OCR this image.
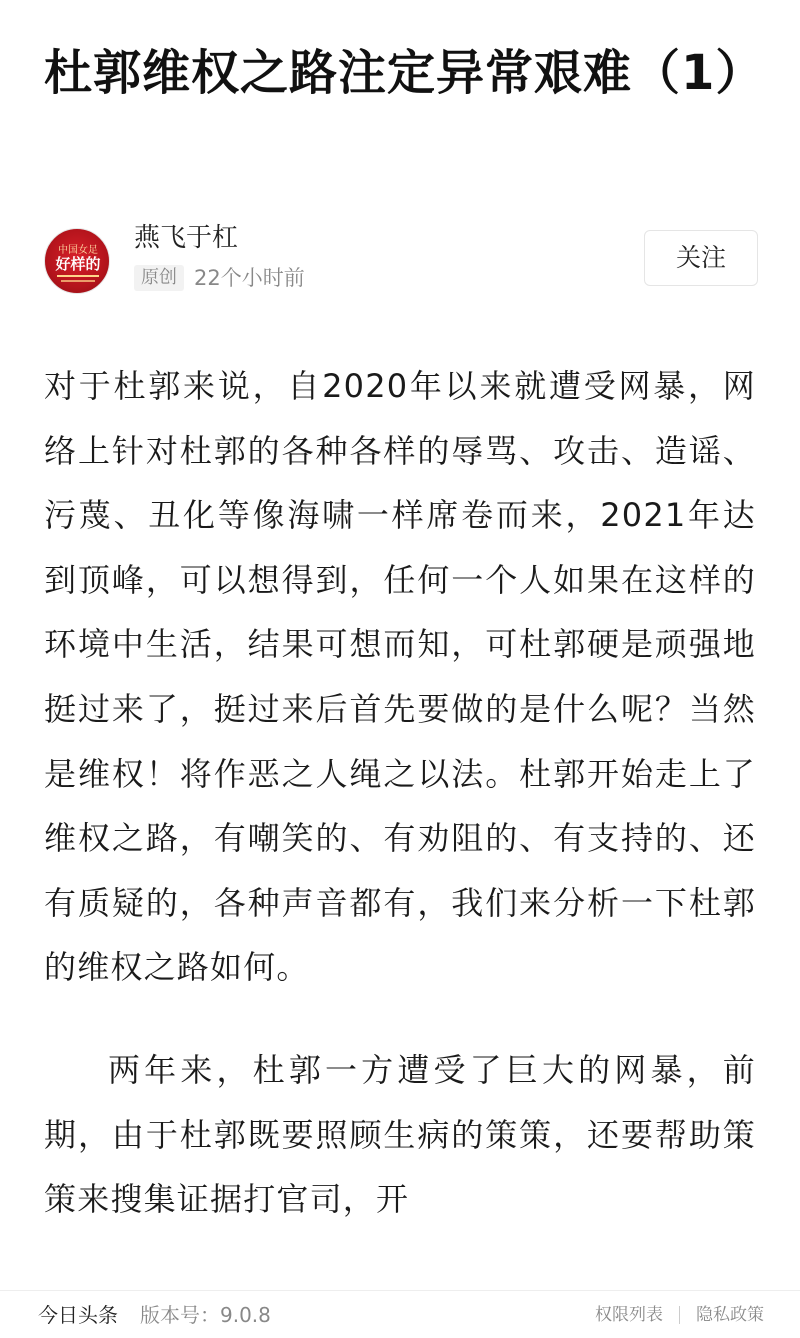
杜郭维权之路注定异常艰难（1）
中国女足
好样的
燕飞于杠
原创 22个小时前
关注

对于杜郭来说，自2020年以来就遭受网暴，网络上针对杜郭的各种各样的辱骂、攻击、造谣、污蔑、丑化等像海啸一样席卷而来，2021年达到顶峰，可以想得到，任何一个人如果在这样的环境中生活，结果可想而知，可杜郭硬是顽强地挺过来了，挺过来后首先要做的是什么呢？当然是维权！将作恶之人绳之以法。杜郭开始走上了维权之路，有嘲笑的、有劝阻的、有支持的、还有质疑的，各种声音都有，我们来分析一下杜郭的维权之路如何。

两年来，杜郭一方遭受了巨大的网暴，前期，由于杜郭既要照顾生病的策策，还要帮助策策来搜集证据打官司，开

今日头条 版本号：9.0.8	权限列表 隐私政策
